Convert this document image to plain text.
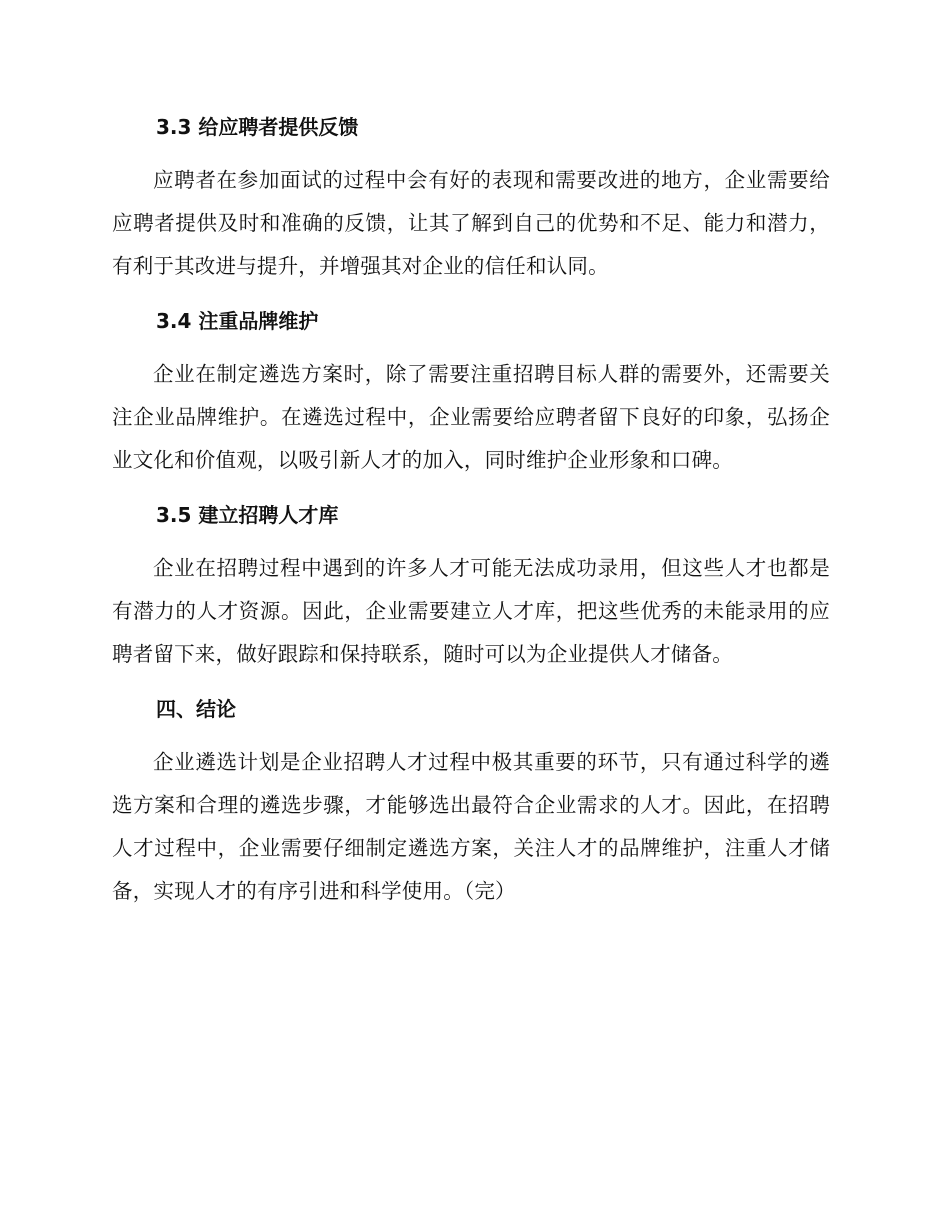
3.3 给应聘者提供反馈

应聘者在参加面试的过程中会有好的表现和需要改进的地方，企业需要给应聘者提供及时和准确的反馈，让其了解到自己的优势和不足、能力和潜力，有利于其改进与提升，并增强其对企业的信任和认同。

3.4 注重品牌维护

企业在制定遴选方案时，除了需要注重招聘目标人群的需要外，还需要关注企业品牌维护。在遴选过程中，企业需要给应聘者留下良好的印象，弘扬企业文化和价值观，以吸引新人才的加入，同时维护企业形象和口碑。

3.5 建立招聘人才库

企业在招聘过程中遇到的许多人才可能无法成功录用，但这些人才也都是有潜力的人才资源。因此，企业需要建立人才库，把这些优秀的未能录用的应聘者留下来，做好跟踪和保持联系，随时可以为企业提供人才储备。

四、结论

企业遴选计划是企业招聘人才过程中极其重要的环节，只有通过科学的遴选方案和合理的遴选步骤，才能够选出最符合企业需求的人才。因此，在招聘人才过程中，企业需要仔细制定遴选方案，关注人才的品牌维护，注重人才储备，实现人才的有序引进和科学使用。（完）
